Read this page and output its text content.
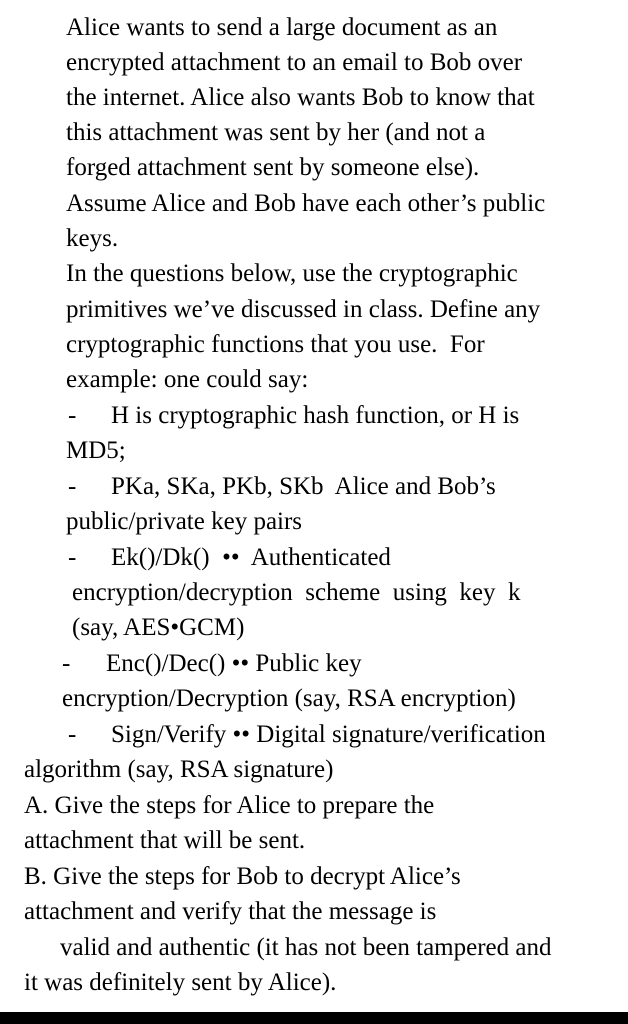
Alice wants to send a large document as an

encrypted attachment to an email to Bob over

the internet. Alice also wants Bob to know that

this attachment was sent by her (and not a

forged attachment sent by someone else).

Assume Alice and Bob have each other’s public

keys.

In the questions below, use the cryptographic

primitives we’ve discussed in class. Define any

cryptographic functions that you use.  For

example: one could say:

- H is cryptographic hash function, or H is

MD5;

- PKa, SKa, PKb, SKb  Alice and Bob’s

public/private key pairs

- Ek()/Dk()  ••  Authenticated

encryption/decryption  scheme  using  key  k

(say, AES•GCM)

- Enc()/Dec() •• Public key

encryption/Decryption (say, RSA encryption)

- Sign/Verify •• Digital signature/verification

algorithm (say, RSA signature)

A. Give the steps for Alice to prepare the

attachment that will be sent.

B. Give the steps for Bob to decrypt Alice’s

attachment and verify that the message is

valid and authentic (it has not been tampered and

it was definitely sent by Alice).
